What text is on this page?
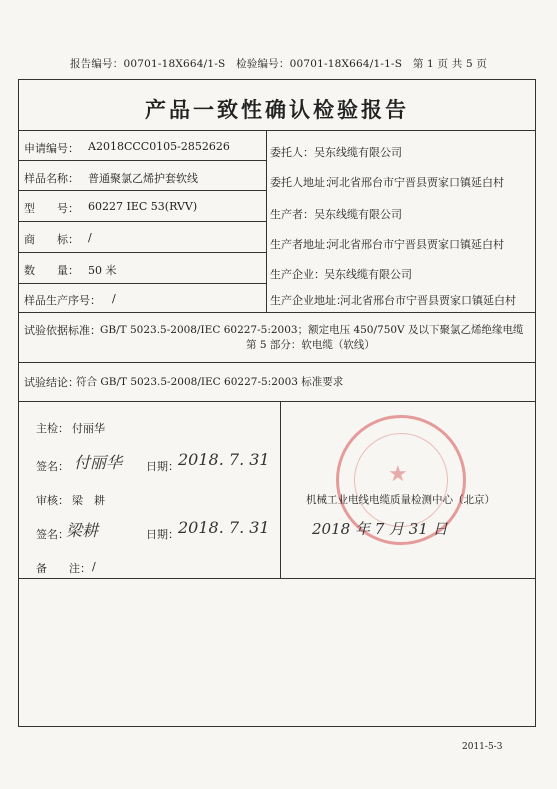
报告编号：00701-18X664/1-S 检验编号：00701-18X664/1-1-S 第 1 页 共 5 页
产品一致性确认检验报告
申请编号： A2018CCC0105-2852626
样品名称： 普通聚氯乙烯护套软线
型　　号： 60227 IEC 53(RVV)
商　　标： /
数　　量： 50 米
样品生产序号： /
委托人： 吴东线缆有限公司
委托人地址：
河北省邢台市宁晋县贾家口镇延白村
生产者： 吴东线缆有限公司
生产者地址：
河北省邢台市宁晋县贾家口镇延白村
生产企业： 吴东线缆有限公司
生产企业地址：
河北省邢台市宁晋县贾家口镇延白村
试验依据标准： GB/T 5023.5-2008/IEC 60227-5:2003；额定电压 450/750V 及以下聚氯乙烯绝缘电缆
第 5 部分：软电缆（软线）
试验结论：
符合 GB/T 5023.5-2008/IEC 60227-5:2003 标准要求
主检： 付丽华
签名： 付丽华 日期： 2018. 7. 31
审核： 梁　耕
签名：
梁耕	日期： 2018. 7. 31
★
机械工业电线电缆质量检测中心（北京）
2018 年 7 月 31 日
备　　注： /
2011-5-3
